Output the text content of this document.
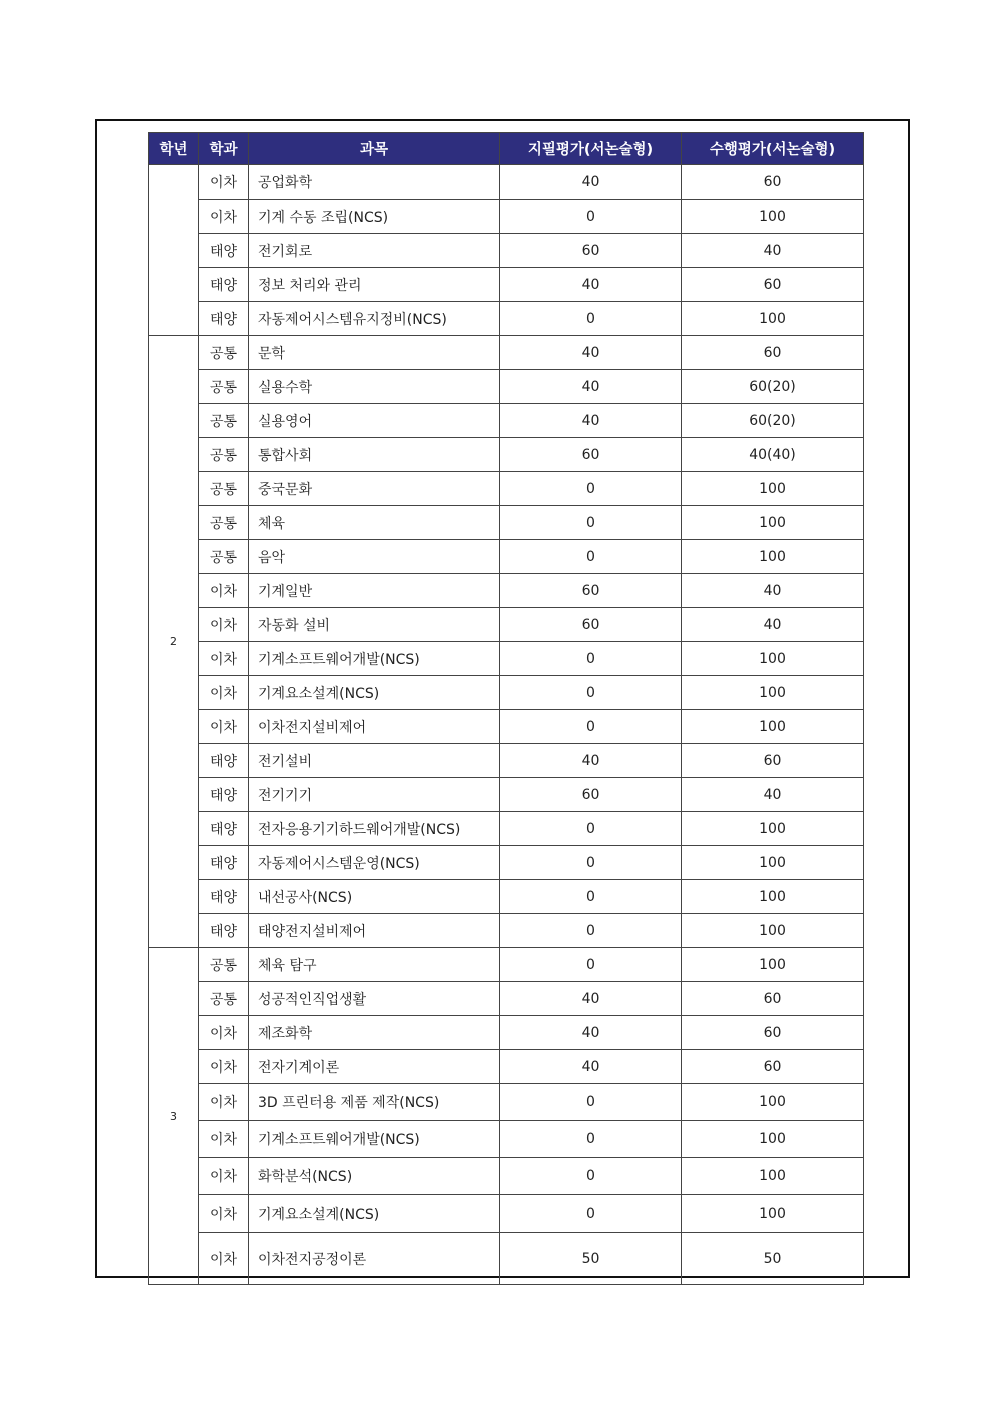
학년	학과	과목	지필평가(서논술형)	수행평가(서논술형)
	이차	공업화학	40	60
	이차	기계 수동 조립(NCS)	0	100
	태양	전기회로	60	40
	태양	정보 처리와 관리	40	60
	태양	자동제어시스템유지정비(NCS)	0	100
2	공통	문학	40	60
	공통	실용수학	40	60(20)
	공통	실용영어	40	60(20)
	공통	통합사회	60	40(40)
	공통	중국문화	0	100
	공통	체육	0	100
	공통	음악	0	100
	이차	기계일반	60	40
	이차	자동화 설비	60	40
	이차	기계소프트웨어개발(NCS)	0	100
	이차	기계요소설계(NCS)	0	100
	이차	이차전지설비제어	0	100
	태양	전기설비	40	60
	태양	전기기기	60	40
	태양	전자응용기기하드웨어개발(NCS)	0	100
	태양	자동제어시스템운영(NCS)	0	100
	태양	내선공사(NCS)	0	100
	태양	태양전지설비제어	0	100
3	공통	체육 탐구	0	100
	공통	성공적인직업생활	40	60
	이차	제조화학	40	60
	이차	전자기계이론	40	60
	이차	3D 프린터용 제품 제작(NCS)	0	100
	이차	기계소프트웨어개발(NCS)	0	100
	이차	화학분석(NCS)	0	100
	이차	기계요소설계(NCS)	0	100
	이차	이차전지공정이론	50	50
